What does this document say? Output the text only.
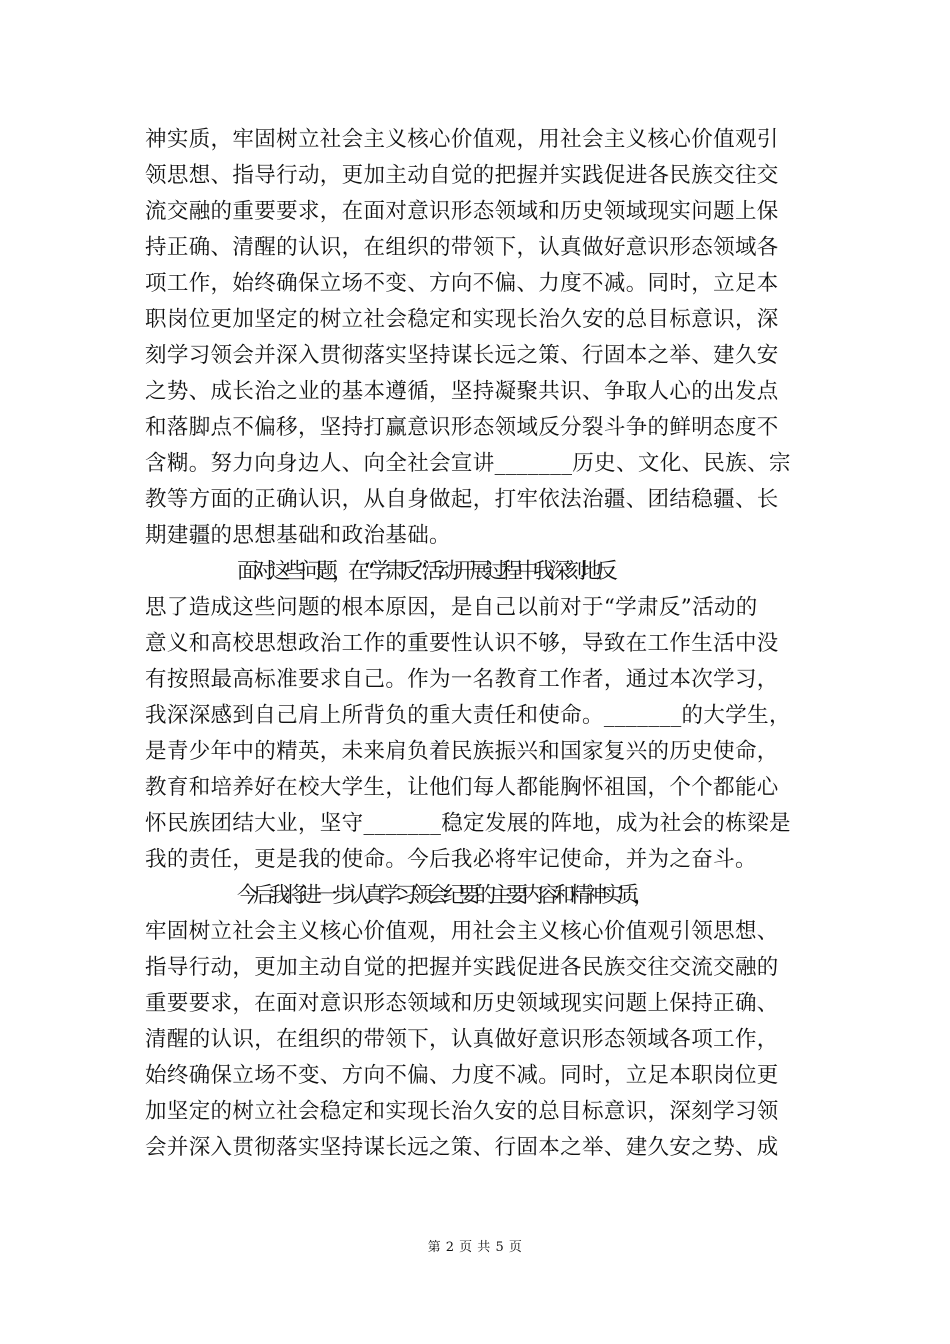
神实质，牢固树立社会主义核心价值观，用社会主义核心价值观引
领思想、指导行动，更加主动自觉的把握并实践促进各民族交往交
流交融的重要要求，在面对意识形态领域和历史领域现实问题上保
持正确、清醒的认识，在组织的带领下，认真做好意识形态领域各
项工作，始终确保立场不变、方向不偏、力度不减。同时，立足本
职岗位更加坚定的树立社会稳定和实现长治久安的总目标意识，深
刻学习领会并深入贯彻落实坚持谋长远之策、行固本之举、建久安
之势、成长治之业的基本遵循，坚持凝聚共识、争取人心的出发点
和落脚点不偏移，坚持打赢意识形态领域反分裂斗争的鲜明态度不
含糊。努力向身边人、向全社会宣讲_______历史、文化、民族、宗
教等方面的正确认识，从自身做起，打牢依法治疆、团结稳疆、长
期建疆的思想基础和政治基础。
面对这些问题，在“学肃反”活动开展过程中我深刻地反
思了造成这些问题的根本原因，是自己以前对于“学肃反”活动的
意义和高校思想政治工作的重要性认识不够，导致在工作生活中没
有按照最高标准要求自己。作为一名教育工作者，通过本次学习，
我深深感到自己肩上所背负的重大责任和使命。_______的大学生，
是青少年中的精英，未来肩负着民族振兴和国家复兴的历史使命，
教育和培养好在校大学生，让他们每人都能胸怀祖国，个个都能心
怀民族团结大业，坚守_______稳定发展的阵地，成为社会的栋梁是
我的责任，更是我的使命。今后我必将牢记使命，并为之奋斗。
今后我将进一步认真学习领会纪要的主要内容和精神实质，
牢固树立社会主义核心价值观，用社会主义核心价值观引领思想、
指导行动，更加主动自觉的把握并实践促进各民族交往交流交融的
重要要求，在面对意识形态领域和历史领域现实问题上保持正确、
清醒的认识，在组织的带领下，认真做好意识形态领域各项工作，
始终确保立场不变、方向不偏、力度不减。同时，立足本职岗位更
加坚定的树立社会稳定和实现长治久安的总目标意识，深刻学习领
会并深入贯彻落实坚持谋长远之策、行固本之举、建久安之势、成
第 2 页 共 5 页
